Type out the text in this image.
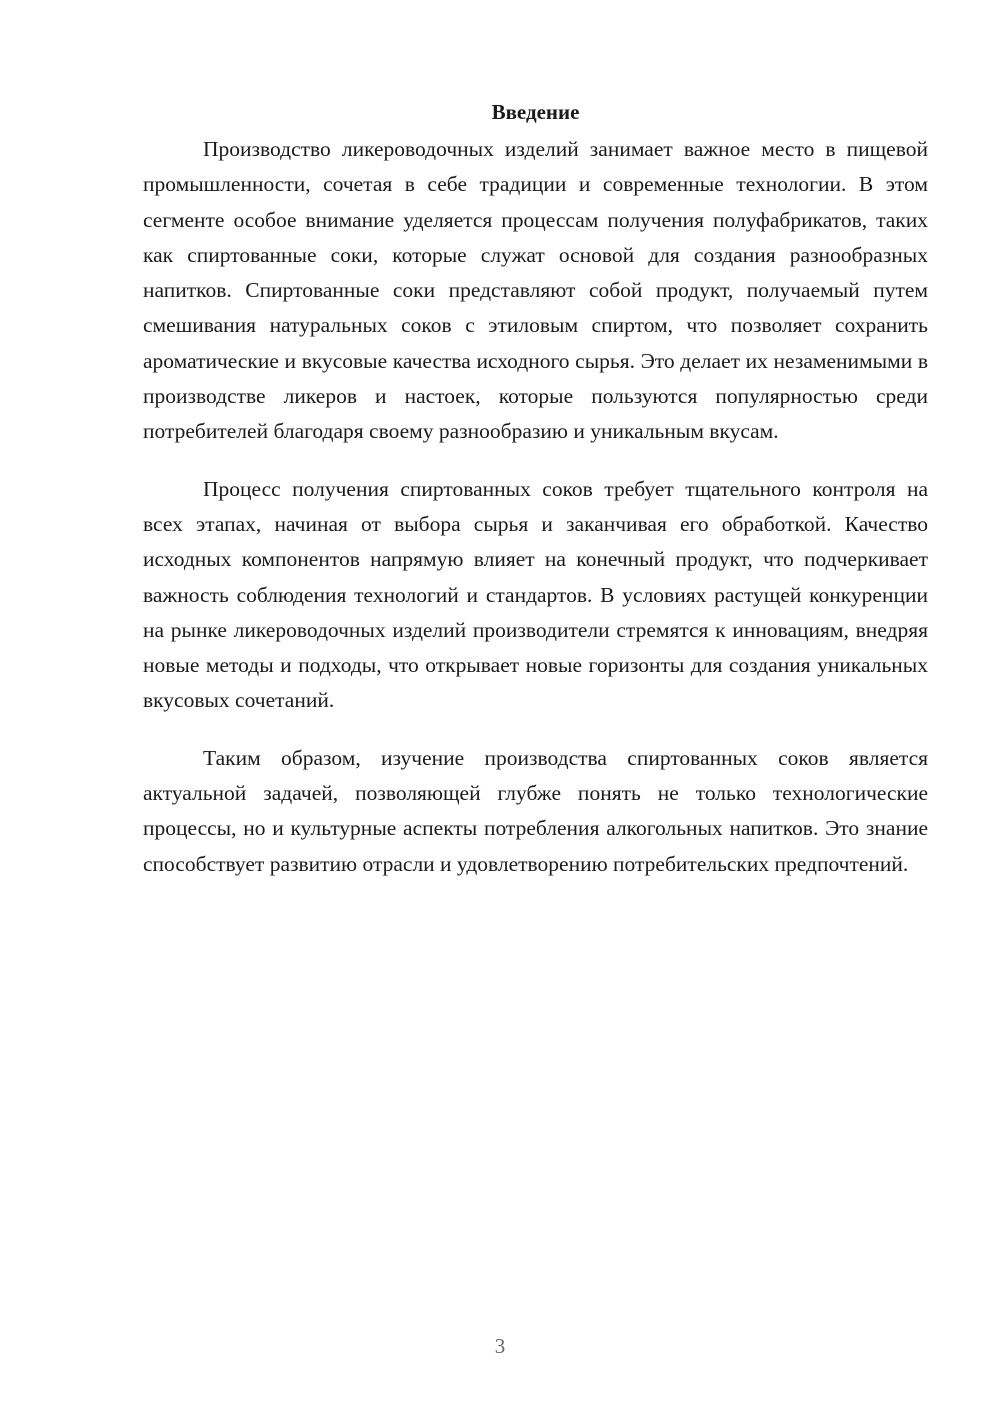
Введение

Производство ликероводочных изделий занимает важное место в пищевой промышленности, сочетая в себе традиции и современные технологии. В этом сегменте особое внимание уделяется процессам получения полуфабрикатов, таких как спиртованные соки, которые служат основой для создания разнообразных напитков. Спиртованные соки представляют собой продукт, получаемый путем смешивания натуральных соков с этиловым спиртом, что позволяет сохранить ароматические и вкусовые качества исходного сырья. Это делает их незаменимыми в производстве ликеров и настоек, которые пользуются популярностью среди потребителей благодаря своему разнообразию и уникальным вкусам.

Процесс получения спиртованных соков требует тщательного контроля на всех этапах, начиная от выбора сырья и заканчивая его обработкой. Качество исходных компонентов напрямую влияет на конечный продукт, что подчеркивает важность соблюдения технологий и стандартов. В условиях растущей конкуренции на рынке ликероводочных изделий производители стремятся к инновациям, внедряя новые методы и подходы, что открывает новые горизонты для создания уникальных вкусовых сочетаний.

Таким образом, изучение производства спиртованных соков является актуальной задачей, позволяющей глубже понять не только технологические процессы, но и культурные аспекты потребления алкогольных напитков. Это знание способствует развитию отрасли и удовлетворению потребительских предпочтений.

3
